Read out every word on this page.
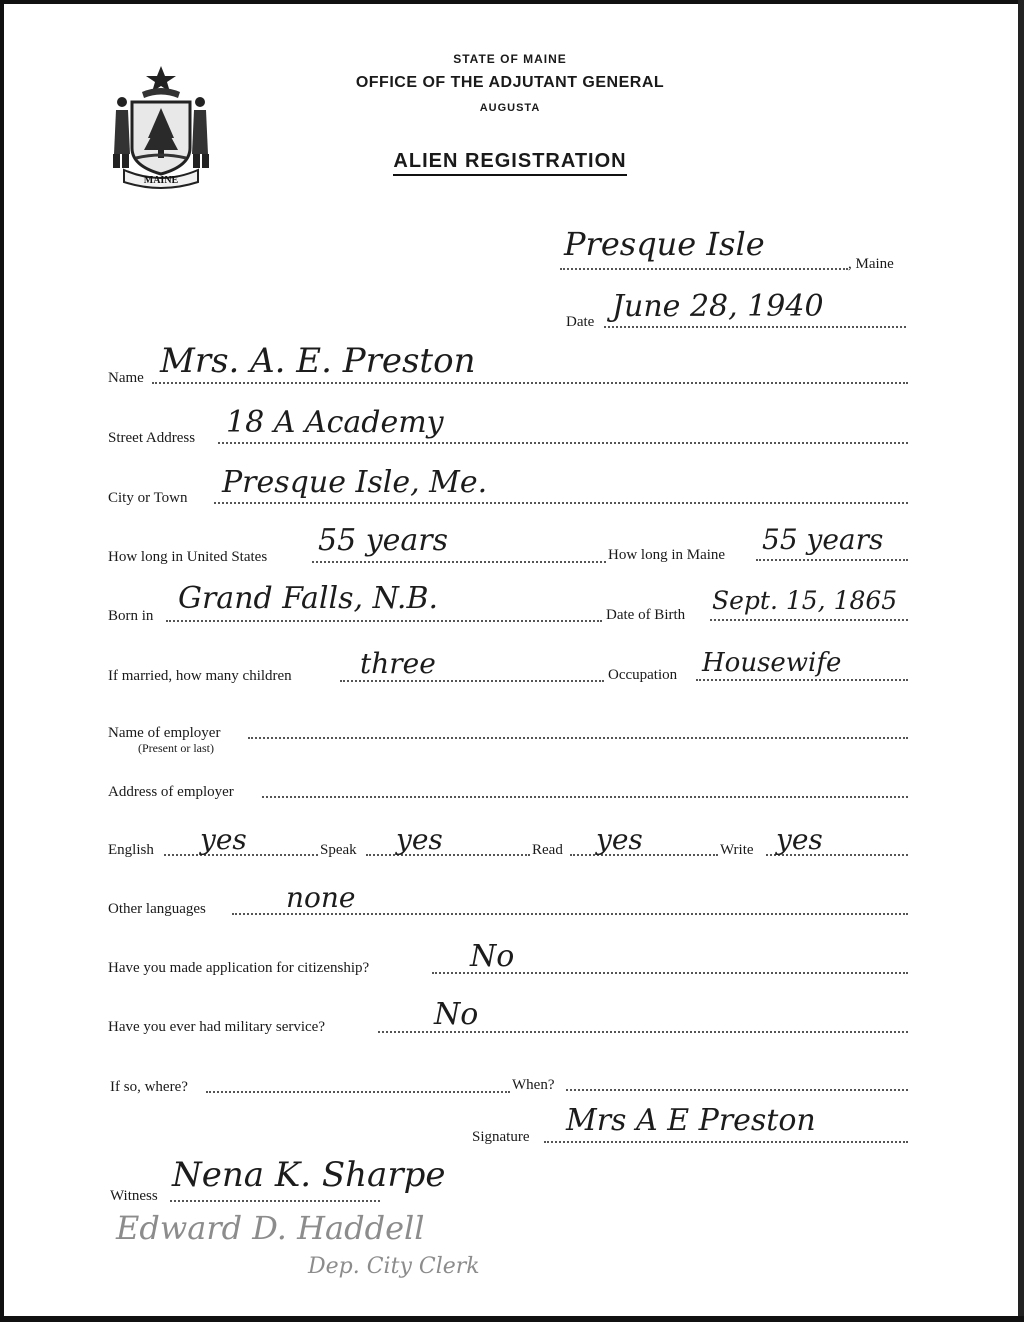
MAINE
STATE OF MAINE
OFFICE OF THE ADJUTANT GENERAL
AUGUSTA
ALIEN REGISTRATION
Presque Isle
, Maine
Date June 28, 1940
Name Mrs. A. E. Preston
Street Address 18 A Academy
City or Town Presque Isle, Me.
How long in United States 55 years	How long in Maine 55 years
Born in Grand Falls, N.B.	Date of Birth Sept. 15, 1865
If married, how many children three	Occupation Housewife
Name of employer
(Present or last)
Address of employer
English yes	Speak yes	Read yes	Write yes
Other languages	none
Have you made application for citizenship?	No
Have you ever had military service?	No
If so, where?	When?
Signature Mrs A E Preston
Witness
Nena K. Sharpe
Edward D. Haddell
Dep. City Clerk
